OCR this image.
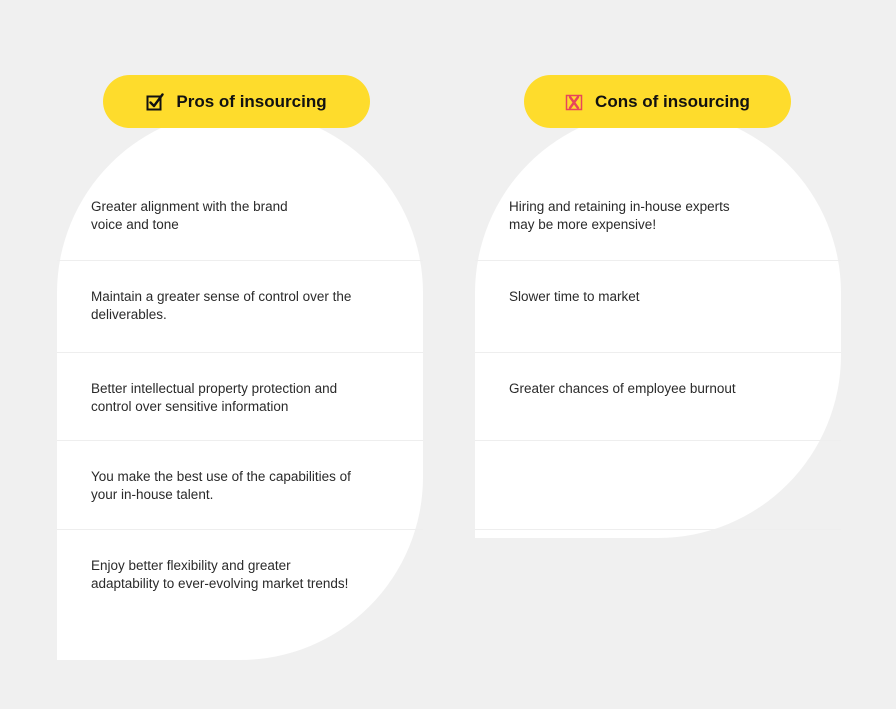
Greater alignment with the brand
voice and tone
Maintain a greater sense of control over the
deliverables.
Better intellectual property protection and
control over sensitive information
You make the best use of the capabilities of
your in-house talent.
Enjoy better flexibility and greater
adaptability to ever-evolving market trends!
Hiring and retaining in-house experts
may be more expensive!
Slower time to market
Greater chances of employee burnout
Pros of insourcing	Cons of insourcing
